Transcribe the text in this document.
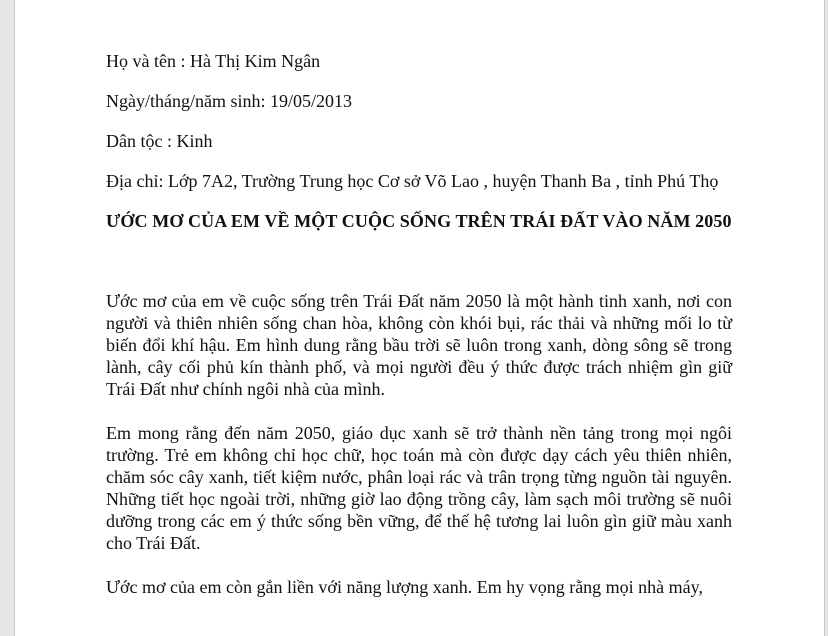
Họ và tên : Hà Thị Kim Ngân

Ngày/tháng/năm sinh: 19/05/2013

Dân tộc : Kinh

Địa chỉ: Lớp 7A2, Trường Trung học Cơ sở Võ Lao , huyện Thanh Ba , tỉnh Phú Thọ

ƯỚC MƠ CỦA EM VỀ MỘT CUỘC SỐNG TRÊN TRÁI ĐẤT VÀO NĂM 2050

Ước mơ của em về cuộc sống trên Trái Đất năm 2050 là một hành tinh xanh, nơi con người và thiên nhiên sống chan hòa, không còn khói bụi, rác thải và những mối lo từ biến đổi khí hậu. Em hình dung rằng bầu trời sẽ luôn trong xanh, dòng sông sẽ trong lành, cây cối phủ kín thành phố, và mọi người đều ý thức được trách nhiệm gìn giữ Trái Đất như chính ngôi nhà của mình.

Em mong rằng đến năm 2050, giáo dục xanh sẽ trở thành nền tảng trong mọi ngôi trường. Trẻ em không chỉ học chữ, học toán mà còn được dạy cách yêu thiên nhiên, chăm sóc cây xanh, tiết kiệm nước, phân loại rác và trân trọng từng nguồn tài nguyên. Những tiết học ngoài trời, những giờ lao động trồng cây, làm sạch môi trường sẽ nuôi dưỡng trong các em ý thức sống bền vững, để thế hệ tương lai luôn gìn giữ màu xanh cho Trái Đất.

Ước mơ của em còn gắn liền với năng lượng xanh. Em hy vọng rằng mọi nhà máy,
